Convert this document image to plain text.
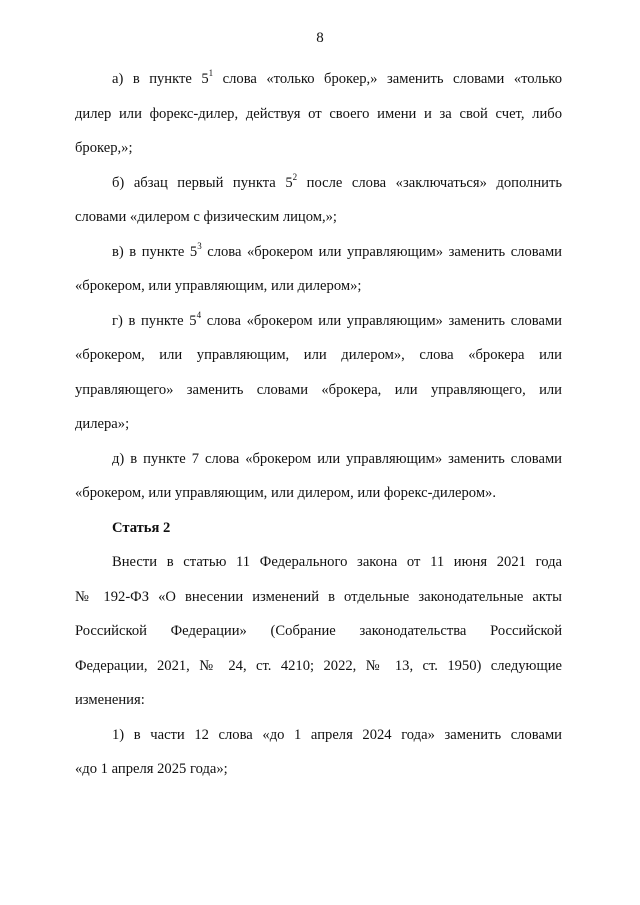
8
а) в пункте $5^1$ слова «только брокер,» заменить словами «только
дилер или форекс-дилер, действуя от своего имени и за свой счет, либо
брокер,»;
б) абзац первый пункта $5^2$ после слова «заключаться» дополнить
словами «дилером с физическим лицом,»;
в) в пункте $5^3$ слова «брокером или управляющим» заменить словами
«брокером, или управляющим, или дилером»;
г) в пункте $5^4$ слова «брокером или управляющим» заменить словами
«брокером, или управляющим, или дилером», слова «брокера или
управляющего» заменить словами «брокера, или управляющего, или
дилера»;
д) в пункте 7 слова «брокером или управляющим» заменить словами
«брокером, или управляющим, или дилером, или форекс-дилером».
Статья 2
Внести в статью 11 Федерального закона от 11 июня 2021 года
№ 192-ФЗ «О внесении изменений в отдельные законодательные акты
Российской Федерации» (Собрание законодательства Российской
Федерации, 2021, № 24, ст. 4210; 2022, № 13, ст. 1950) следующие
изменения:
1) в части 12 слова «до 1 апреля 2024 года» заменить словами
«до 1 апреля 2025 года»;
